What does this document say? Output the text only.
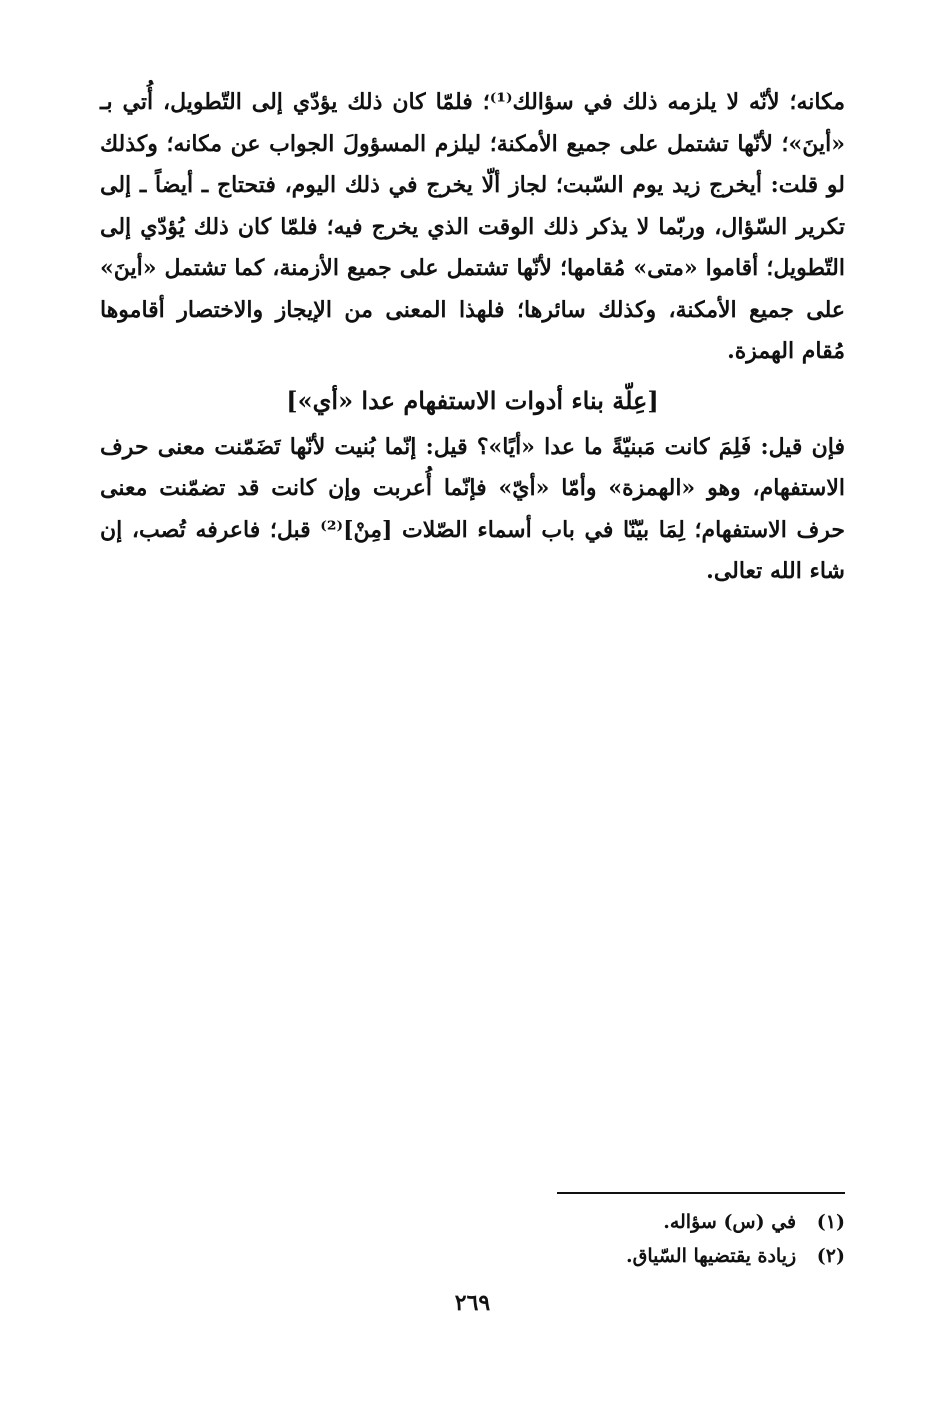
مكانه؛ لأنّه لا يلزمه ذلك في سؤالك⁽¹⁾؛ فلمّا كان ذلك يؤدّي إلى التّطويل، أُتي بـ «أينَ»؛ لأنّها تشتمل على جميع الأمكنة؛ ليلزم المسؤولَ الجواب عن مكانه؛ وكذلك لو قلت: أيخرج زيد يوم السّبت؛ لجاز ألّا يخرج في ذلك اليوم، فتحتاج ـ أيضاً ـ إلى تكرير السّؤال، وربّما لا يذكر ذلك الوقت الذي يخرج فيه؛ فلمّا كان ذلك يُؤدّي إلى التّطويل؛ أقاموا «متى» مُقامها؛ لأنّها تشتمل على جميع الأزمنة، كما تشتمل «أينَ» على جميع الأمكنة، وكذلك سائرها؛ فلهذا المعنى من الإيجاز والاختصار أقاموها مُقام الهمزة.

[عِلّة بناء أدوات الاستفهام عدا «أي»]

فإن قيل: فَلِمَ كانت مَبنيّةً ما عدا «أيًا»؟ قيل: إنّما بُنيت لأنّها تَضَمّنت معنى حرف الاستفهام، وهو «الهمزة» وأمّا «أيّ» فإنّما أُعربت وإن كانت قد تضمّنت معنى حرف الاستفهام؛ لِمَا بيّنّا في باب أسماء الصّلات [مِنْ]⁽²⁾ قبل؛ فاعرفه تُصب، إن شاء الله تعالى.

(١) في (س) سؤاله.

(٢) زيادة يقتضيها السّياق.

٢٦٩
